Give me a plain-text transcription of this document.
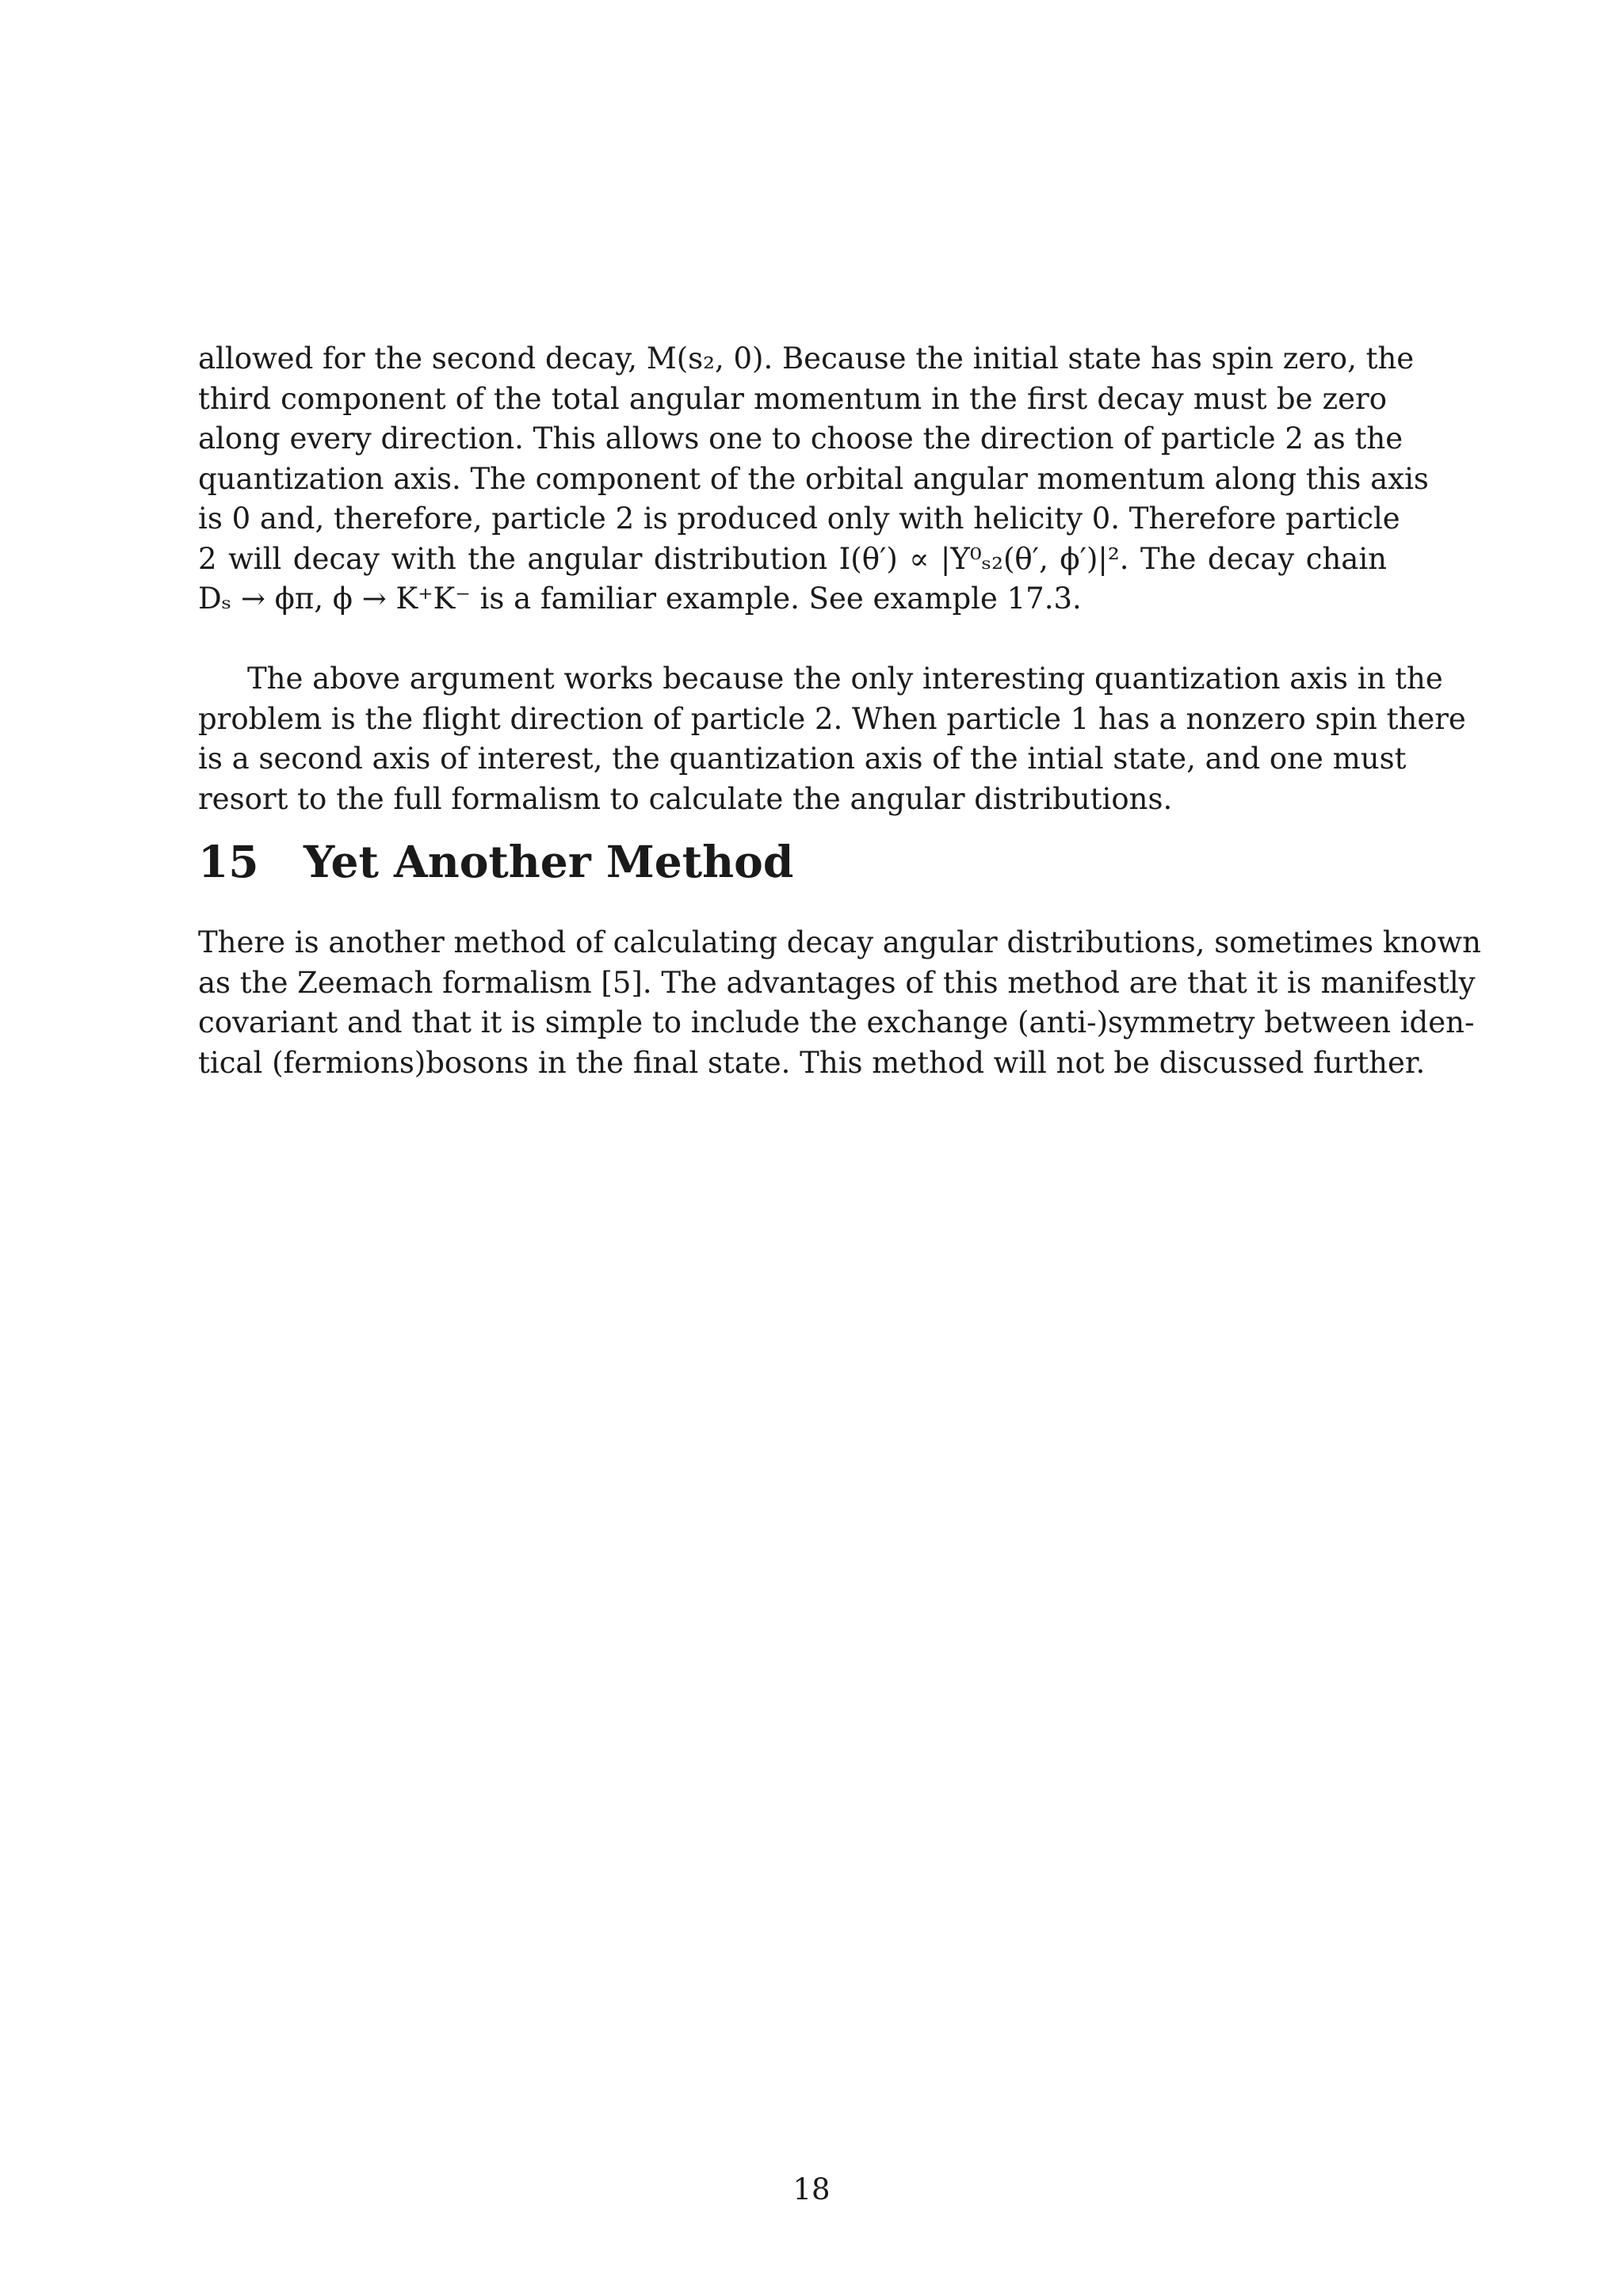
allowed for the second decay, M(s₂, 0). Because the initial state has spin zero, the
third component of the total angular momentum in the first decay must be zero
along every direction. This allows one to choose the direction of particle 2 as the
quantization axis. The component of the orbital angular momentum along this axis
is 0 and, therefore, particle 2 is produced only with helicity 0. Therefore particle
2 will decay with the angular distribution I(θ′) ∝ |Y⁰ₛ₂(θ′, ϕ′)|². The decay chain
Dₛ → ϕπ, ϕ → K⁺K⁻ is a familiar example. See example 17.3.
The above argument works because the only interesting quantization axis in the
problem is the flight direction of particle 2. When particle 1 has a nonzero spin there
is a second axis of interest, the quantization axis of the intial state, and one must
resort to the full formalism to calculate the angular distributions.
15 Yet Another Method
There is another method of calculating decay angular distributions, sometimes known
as the Zeemach formalism [5]. The advantages of this method are that it is manifestly
covariant and that it is simple to include the exchange (anti-)symmetry between iden-
tical (fermions)bosons in the final state. This method will not be discussed further.
18
